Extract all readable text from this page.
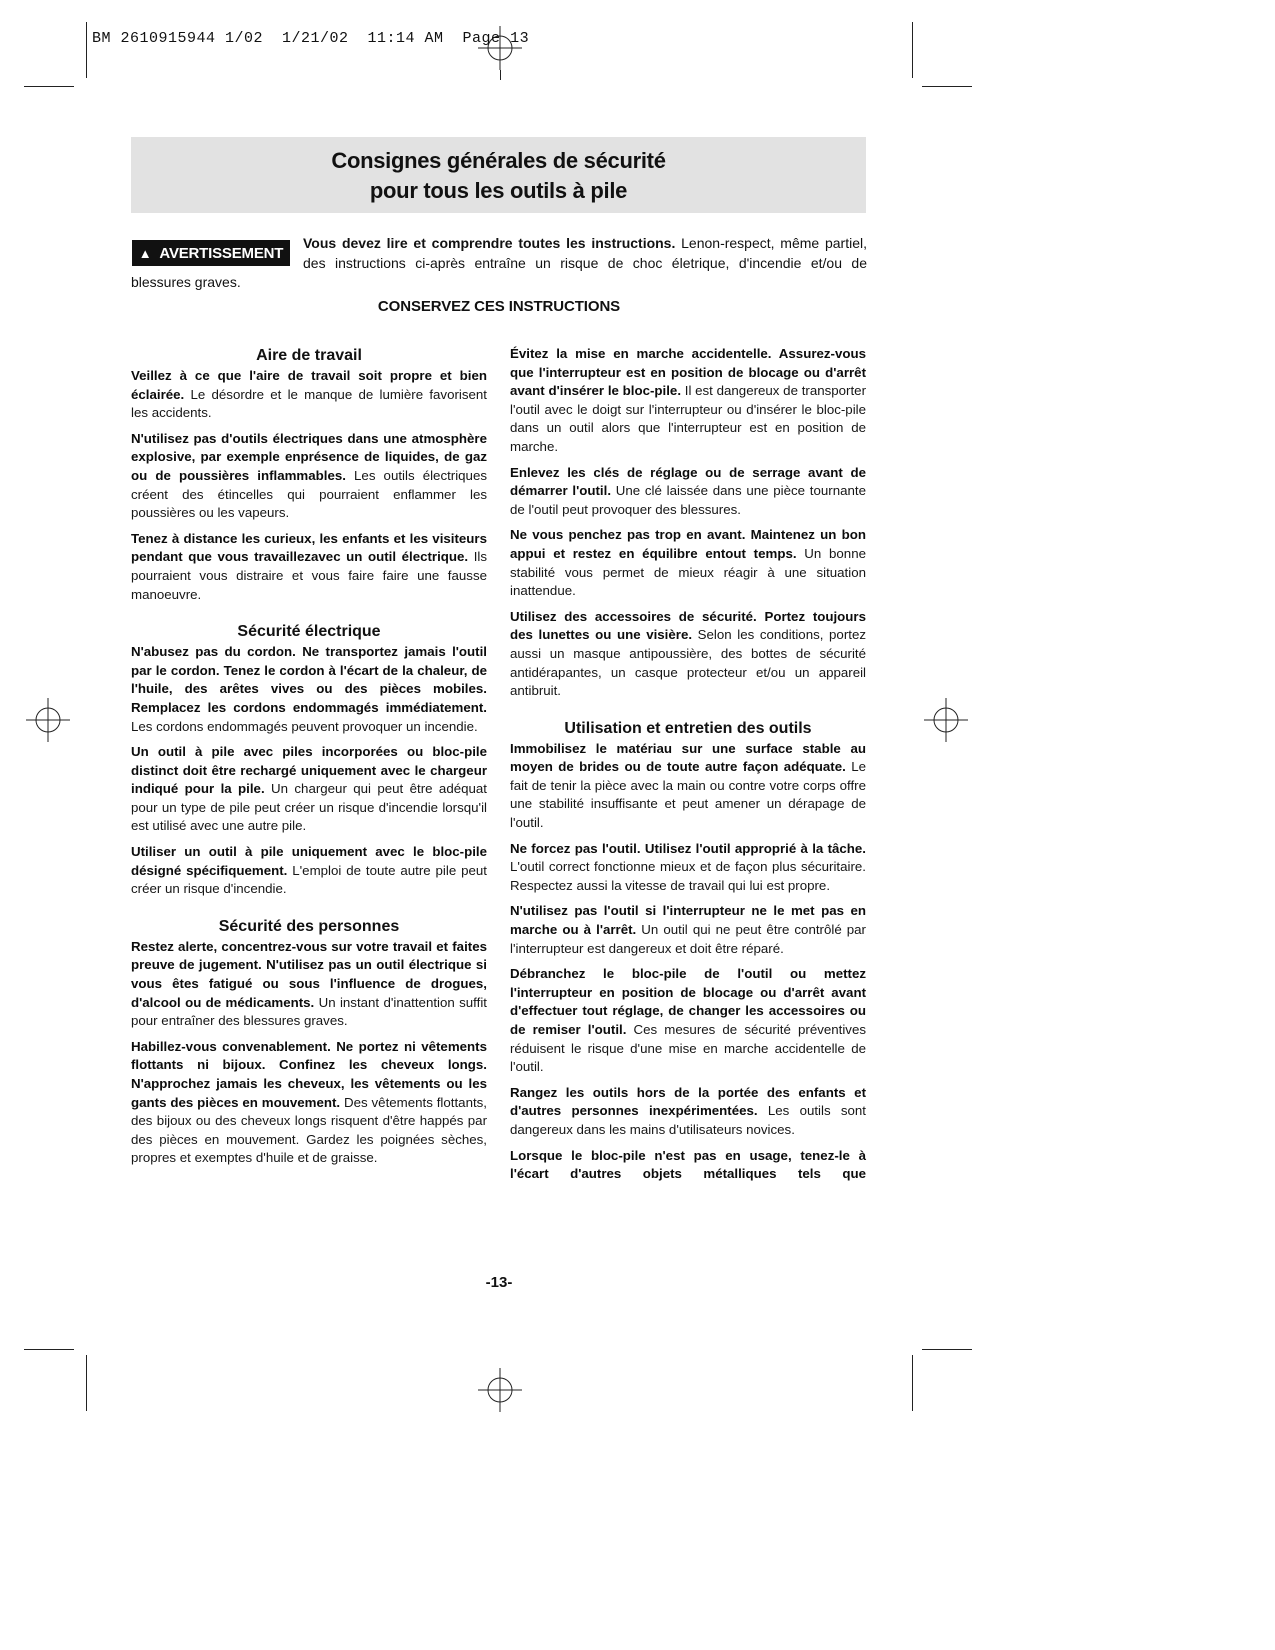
BM 2610915944 1/02  1/21/02  11:14 AM  Page 13
Consignes générales de sécurité
pour tous les outils à pile
Vous devez lire et comprendre toutes les instructions. Lenon-respect, même partiel, des instructions ci-après entraîne un risque de choc életrique, d'incendie et/ou de blessures graves.
▲ AVERTISSEMENT
CONSERVEZ CES INSTRUCTIONS
Aire de travail

Veillez à ce que l'aire de travail soit propre et bien éclairée. Le désordre et le manque de lumière favorisent les accidents.

N'utilisez pas d'outils électriques dans une atmosphère explosive, par exemple enprésence de liquides, de gaz ou de poussières inflammables. Les outils électriques créent des étincelles qui pourraient enflammer les poussières ou les vapeurs.

Tenez à distance les curieux, les enfants et les visiteurs pendant que vous travaillezavec un outil électrique. Ils pourraient vous distraire et vous faire faire une fausse manoeuvre.

Sécurité électrique

N'abusez pas du cordon. Ne transportez jamais l'outil par le cordon. Tenez le cordon à l'écart de la chaleur, de l'huile, des arêtes vives ou des pièces mobiles. Remplacez les cordons endommagés immédiatement. Les cordons endommagés peuvent provoquer un incendie.

Un outil à pile avec piles incorporées ou bloc-pile distinct doit être rechargé uniquement avec le chargeur indiqué pour la pile. Un chargeur qui peut être adéquat pour un type de pile peut créer un risque d'incendie lorsqu'il est utilisé avec une autre pile.

Utiliser un outil à pile uniquement avec le bloc-pile désigné spécifiquement. L'emploi de toute autre pile peut créer un risque d'incendie.

Sécurité des personnes

Restez alerte, concentrez-vous sur votre travail et faites preuve de jugement. N'utilisez pas un outil électrique si vous êtes fatigué ou sous l'influence de drogues, d'alcool ou de médicaments. Un instant d'inattention suffit pour entraîner des blessures graves.

Habillez-vous convenablement. Ne portez ni vêtements flottants ni bijoux. Confinez les cheveux longs. N'approchez jamais les cheveux, les vêtements ou les gants des pièces en mouvement. Des vêtements flottants, des bijoux ou des cheveux longs risquent d'être happés par des pièces en mouvement. Gardez les poignées sèches, propres et exemptes d'huile et de graisse.

Évitez la mise en marche accidentelle. Assurez-vous que l'interrupteur est en position de blocage ou d'arrêt avant d'insérer le bloc-pile. Il est dangereux de transporter l'outil avec le doigt sur l'interrupteur ou d'insérer le bloc-pile dans un outil alors que l'interrupteur est en position de marche.

Enlevez les clés de réglage ou de serrage avant de démarrer l'outil. Une clé laissée dans une pièce tournante de l'outil peut provoquer des blessures.

Ne vous penchez pas trop en avant. Maintenez un bon appui et restez en équilibre entout temps. Un bonne stabilité vous permet de mieux réagir à une situation inattendue.

Utilisez des accessoires de sécurité. Portez toujours des lunettes ou une visière. Selon les conditions, portez aussi un masque antipoussière, des bottes de sécurité antidérapantes, un casque protecteur et/ou un appareil antibruit.

Utilisation et entretien des outils

Immobilisez le matériau sur une surface stable au moyen de brides ou de toute autre façon adéquate. Le fait de tenir la pièce avec la main ou contre votre corps offre une stabilité insuffisante et peut amener un dérapage de l'outil.

Ne forcez pas l'outil. Utilisez l'outil approprié à la tâche. L'outil correct fonctionne mieux et de façon plus sécuritaire. Respectez aussi la vitesse de travail qui lui est propre.

N'utilisez pas l'outil si l'interrupteur ne le met pas en marche ou à l'arrêt. Un outil qui ne peut être contrôlé par l'interrupteur est dangereux et doit être réparé.

Débranchez le bloc-pile de l'outil ou mettez l'interrupteur en position de blocage ou d'arrêt avant d'effectuer tout réglage, de changer les accessoires ou de remiser l'outil. Ces mesures de sécurité préventives réduisent le risque d'une mise en marche accidentelle de l'outil.

Rangez les outils hors de la portée des enfants et d'autres personnes inexpérimentées. Les outils sont dangereux dans les mains d'utilisateurs novices.

Lorsque le bloc-pile n'est pas en usage, tenez-le à l'écart d'autres objets métalliques tels que

-13-
